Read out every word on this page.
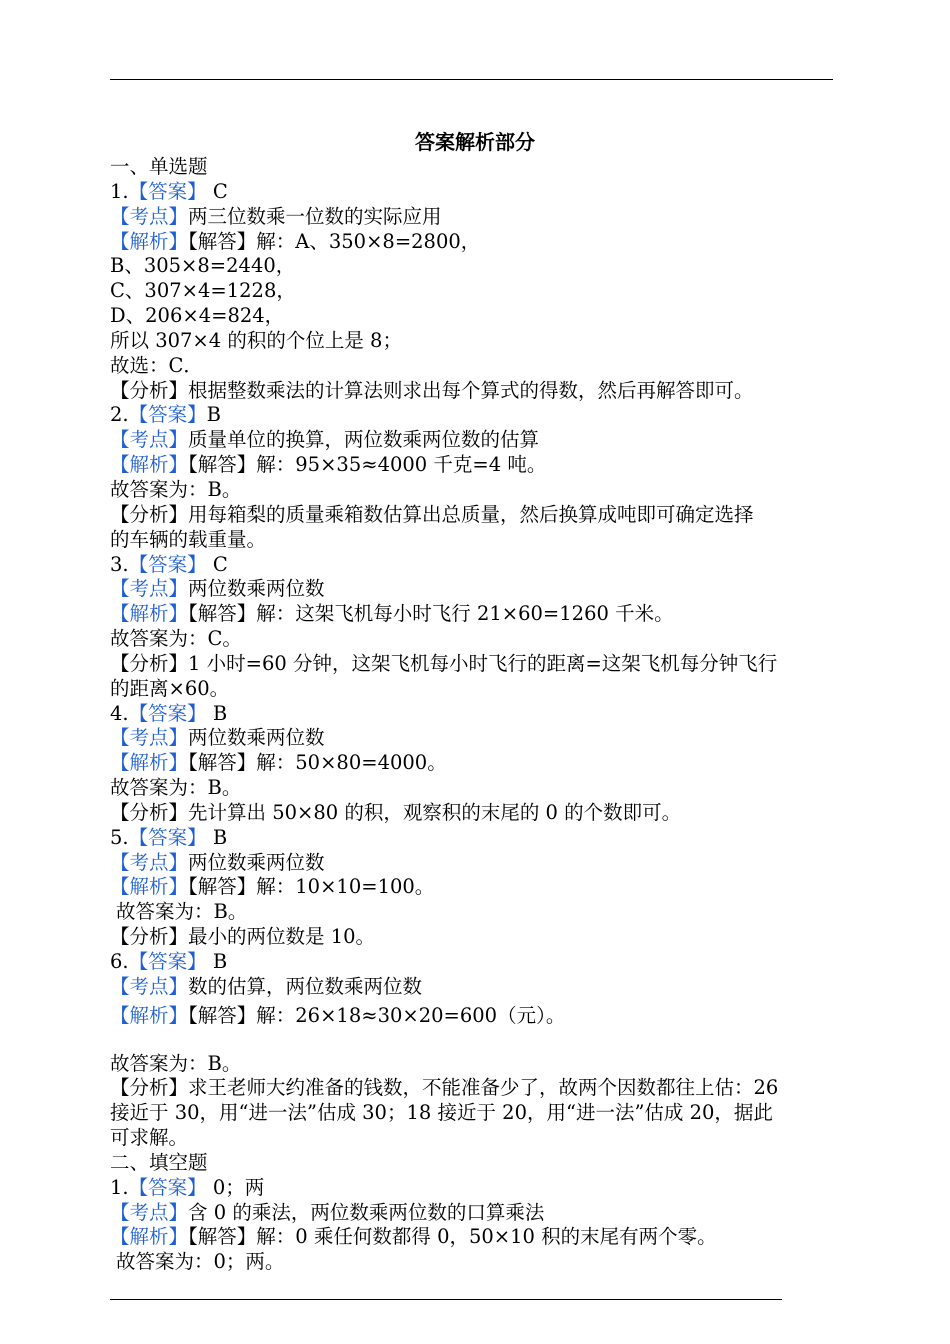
答案解析部分
一、单选题
1.【答案】 C
【考点】两三位数乘一位数的实际应用
【解析】【解答】解：A、350×8=2800，
B、305×8=2440，
C、307×4=1228，
D、206×4=824，
所以 307×4 的积的个位上是 8；
故选：C．
【分析】根据整数乘法的计算法则求出每个算式的得数，然后再解答即可。
2.【答案】B
【考点】质量单位的换算，两位数乘两位数的估算
【解析】【解答】解：95×35≈4000 千克=4 吨。
故答案为：B。
【分析】用每箱梨的质量乘箱数估算出总质量，然后换算成吨即可确定选择
的车辆的载重量。
3.【答案】 C
【考点】两位数乘两位数
【解析】【解答】解：这架飞机每小时飞行 21×60=1260 千米。
故答案为：C。
【分析】1 小时=60 分钟，这架飞机每小时飞行的距离=这架飞机每分钟飞行
的距离×60。
4.【答案】 B
【考点】两位数乘两位数
【解析】【解答】解：50×80=4000。
故答案为：B。
【分析】先计算出 50×80 的积，观察积的末尾的 0 的个数即可。
5.【答案】 B
【考点】两位数乘两位数
【解析】【解答】解：10×10=100。
故答案为：B。
【分析】最小的两位数是 10。
6.【答案】 B
【考点】数的估算，两位数乘两位数
【解析】【解答】解：26×18≈30×20=600（元）。
故答案为：B。
【分析】求王老师大约准备的钱数，不能准备少了，故两个因数都往上估：26
接近于 30，用“进一法”估成 30；18 接近于 20，用“进一法”估成 20，据此
可求解。
二、填空题
1.【答案】 0；两
【考点】含 0 的乘法，两位数乘两位数的口算乘法
【解析】【解答】解：0 乘任何数都得 0，50×10 积的末尾有两个零。
故答案为：0；两。
